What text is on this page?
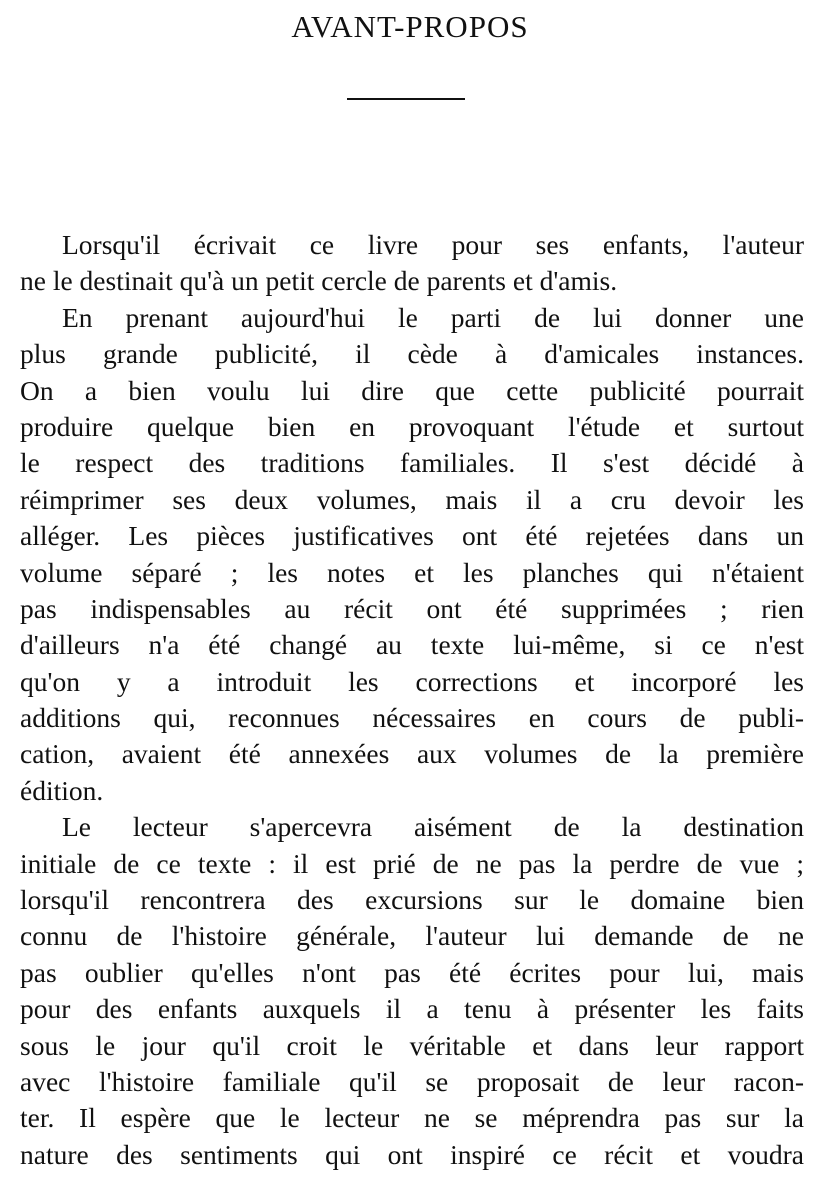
AVANT-PROPOS
Lorsqu'il écrivait ce livre pour ses enfants, l'auteur
ne le destinait qu'à un petit cercle de parents et d'amis.
En prenant aujourd'hui le parti de lui donner une
plus grande publicité, il cède à d'amicales instances.
On a bien voulu lui dire que cette publicité pourrait
produire quelque bien en provoquant l'étude et surtout
le respect des traditions familiales. Il s'est décidé à
réimprimer ses deux volumes, mais il a cru devoir les
alléger. Les pièces justificatives ont été rejetées dans un
volume séparé ; les notes et les planches qui n'étaient
pas indispensables au récit ont été supprimées ; rien
d'ailleurs n'a été changé au texte lui-même, si ce n'est
qu'on y a introduit les corrections et incorporé les
additions qui, reconnues nécessaires en cours de publi-
cation, avaient été annexées aux volumes de la première
édition.
Le lecteur s'apercevra aisément de la destination
initiale de ce texte : il est prié de ne pas la perdre de vue ;
lorsqu'il rencontrera des excursions sur le domaine bien
connu de l'histoire générale, l'auteur lui demande de ne
pas oublier qu'elles n'ont pas été écrites pour lui, mais
pour des enfants auxquels il a tenu à présenter les faits
sous le jour qu'il croit le véritable et dans leur rapport
avec l'histoire familiale qu'il se proposait de leur racon-
ter. Il espère que le lecteur ne se méprendra pas sur la
nature des sentiments qui ont inspiré ce récit et voudra
